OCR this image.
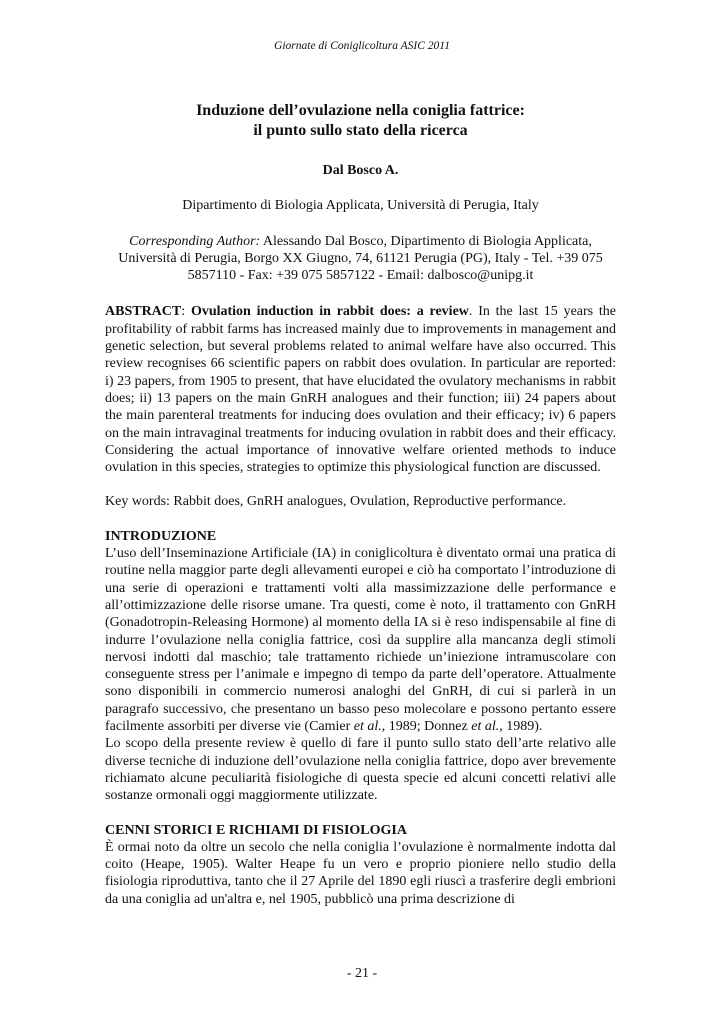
Giornate di Coniglicoltura ASIC 2011
Induzione dell’ovulazione nella coniglia fattrice:
il punto sullo stato della ricerca

Dal Bosco A.

Dipartimento di Biologia Applicata, Università di Perugia, Italy

Corresponding Author: Alessando Dal Bosco, Dipartimento di Biologia Applicata, Università di Perugia, Borgo XX Giugno, 74, 61121 Perugia (PG), Italy - Tel. +39 075 5857110 - Fax: +39 075 5857122 - Email: dalbosco@unipg.it

ABSTRACT: Ovulation induction in rabbit does: a review. In the last 15 years the profitability of rabbit farms has increased mainly due to improvements in management and genetic selection, but several problems related to animal welfare have also occurred. This review recognises 66 scientific papers on rabbit does ovulation. In particular are reported: i) 23 papers, from 1905 to present, that have elucidated the ovulatory mechanisms in rabbit does; ii) 13 papers on the main GnRH analogues and their function; iii) 24 papers about the main parenteral treatments for inducing does ovulation and their efficacy; iv) 6 papers on the main intravaginal treatments for inducing ovulation in rabbit does and their efficacy. Considering the actual importance of innovative welfare oriented methods to induce ovulation in this species, strategies to optimize this physiological function are discussed.

Key words: Rabbit does, GnRH analogues, Ovulation, Reproductive performance.

INTRODUZIONE

L’uso dell’Inseminazione Artificiale (IA) in coniglicoltura è diventato ormai una pratica di routine nella maggior parte degli allevamenti europei e ciò ha comportato l’introduzione di una serie di operazioni e trattamenti volti alla massimizzazione delle performance e all’ottimizzazione delle risorse umane. Tra questi, come è noto, il trattamento con GnRH (Gonadotropin-Releasing Hormone) al momento della IA si è reso indispensabile al fine di indurre l’ovulazione nella coniglia fattrice, così da supplire alla mancanza degli stimoli nervosi indotti dal maschio; tale trattamento richiede un’iniezione intramuscolare con conseguente stress per l’animale e impegno di tempo da parte dell’operatore. Attualmente sono disponibili in commercio numerosi analoghi del GnRH, di cui si parlerà in un paragrafo successivo, che presentano un basso peso molecolare e possono pertanto essere facilmente assorbiti per diverse vie (Camier et al., 1989; Donnez et al., 1989).

Lo scopo della presente review è quello di fare il punto sullo stato dell’arte relativo alle diverse tecniche di induzione dell’ovulazione nella coniglia fattrice, dopo aver brevemente richiamato alcune peculiarità fisiologiche di questa specie ed alcuni concetti relativi alle sostanze ormonali oggi maggiormente utilizzate.

CENNI STORICI E RICHIAMI DI FISIOLOGIA

È ormai noto da oltre un secolo che nella coniglia l’ovulazione è normalmente indotta dal coito (Heape, 1905). Walter Heape fu un vero e proprio pioniere nello studio della fisiologia riproduttiva, tanto che il 27 Aprile del 1890 egli riuscì a trasferire degli embrioni da una coniglia ad un'altra e, nel 1905, pubblicò una prima descrizione di

- 21 -
